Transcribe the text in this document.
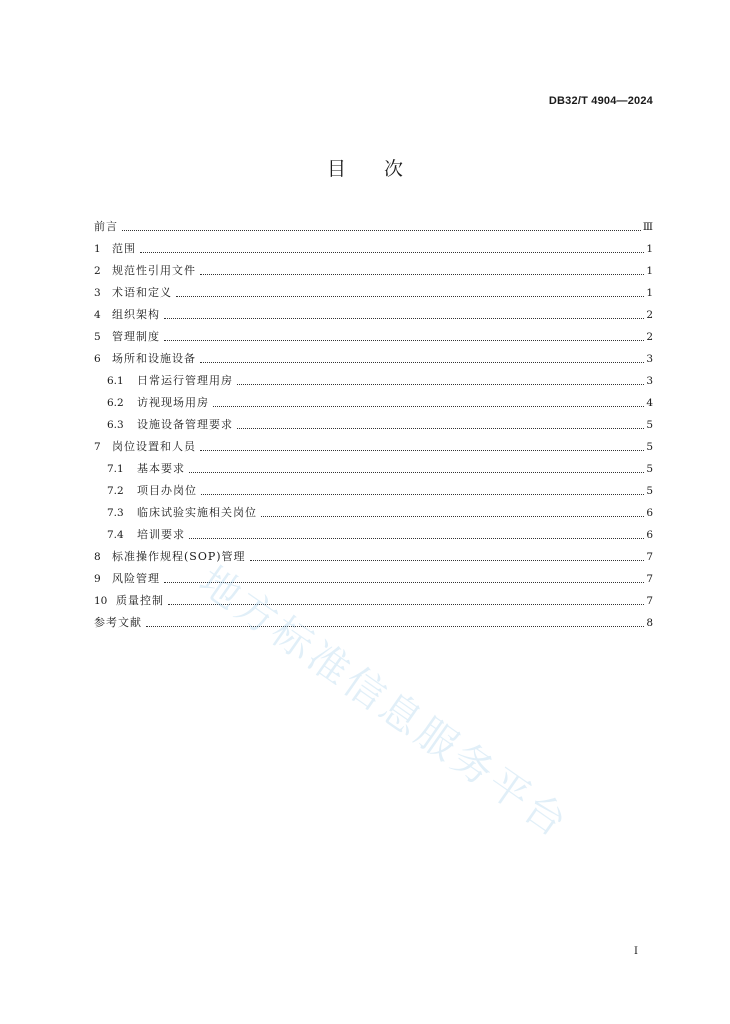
DB32/T 4904—2024
目次
前言	Ⅲ
1	范围	1
2	规范性引用文件	1
3	术语和定义	1
4	组织架构	2
5	管理制度	2
6	场所和设施设备	3
6.1	日常运行管理用房	3
6.2	访视现场用房	4
6.3	设施设备管理要求	5
7	岗位设置和人员	5
7.1	基本要求	5
7.2	项目办岗位	5
7.3	临床试验实施相关岗位	6
7.4	培训要求	6
8	标准操作规程(SOP)管理	7
9	风险管理	7
10 质量控制	7
参考文献	8
地方标准信息服务平台
I
